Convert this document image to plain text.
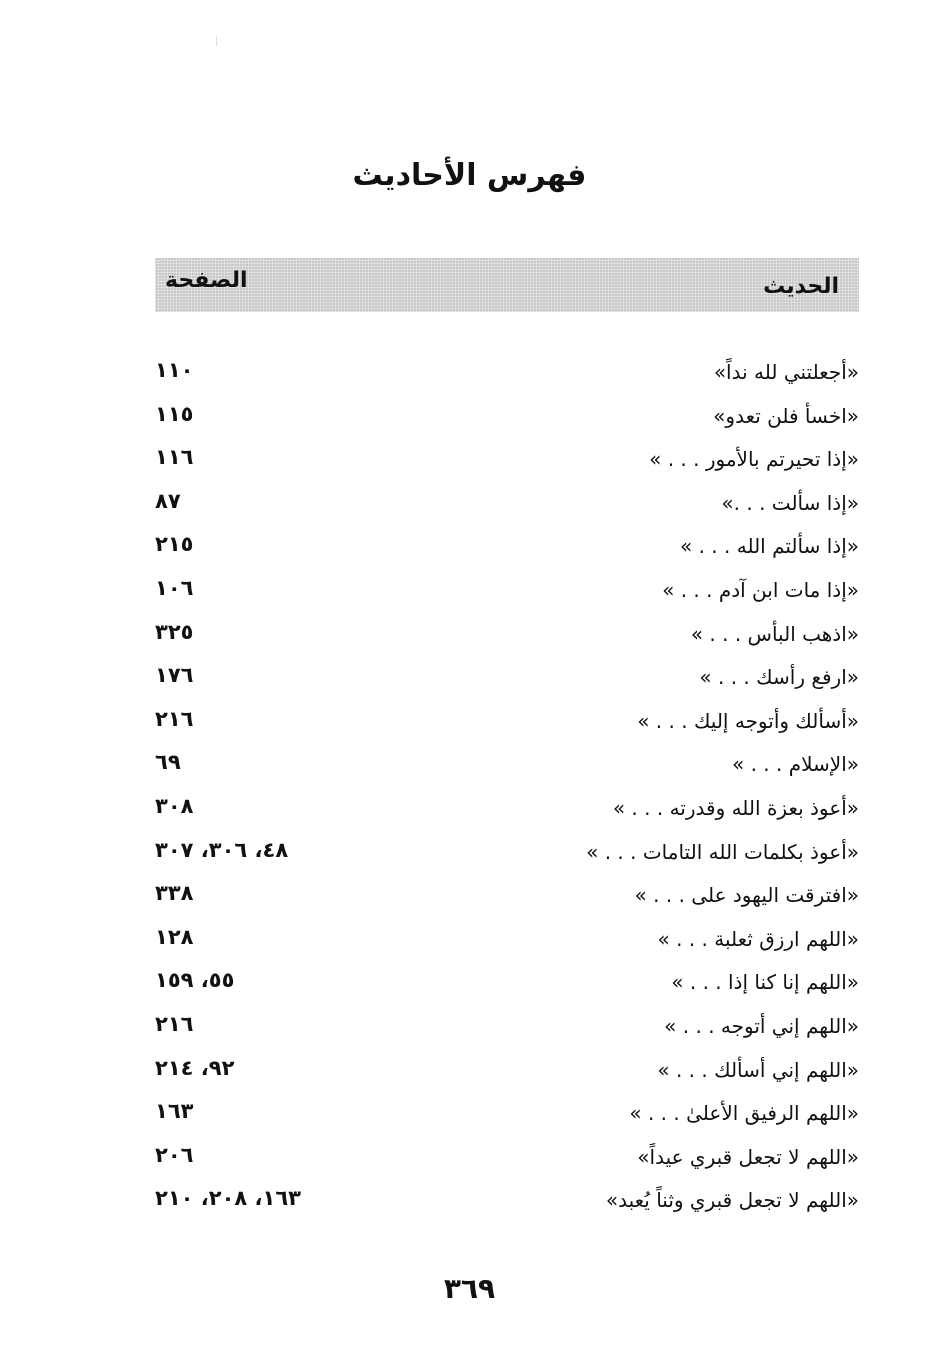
فهرس الأحاديث
الحديث
الصفحة
«أجعلتني لله نداً»
١١٠
«اخسأ فلن تعدو»
١١٥
«إذا تحيرتم بالأمور . . . »
١١٦
«إذا سألت . . .»
٨٧
«إذا سألتم الله . . . »
٢١٥
«إذا مات ابن آدم . . . »
١٠٦
«اذهب البأس . . . »
٣٢٥
«ارفع رأسك . . . »
١٧٦
«أسألك وأتوجه إليك . . . »
٢١٦
«الإسلام . . . »
٦٩
«أعوذ بعزة الله وقدرته . . . »
٣٠٨
«أعوذ بكلمات الله التامات . . . »
٤٨، ٣٠٦، ٣٠٧
«افترقت اليهود على . . . »
٣٣٨
«اللهم ارزق ثعلبة . . . »
١٢٨
«اللهم إنا كنا إذا . . . »
٥٥، ١٥٩
«اللهم إني أتوجه . . . »
٢١٦
«اللهم إني أسألك . . . »
٩٢، ٢١٤
«اللهم الرفيق الأعلىٰ . . . »
١٦٣
«اللهم لا تجعل قبري عيداً»
٢٠٦
«اللهم لا تجعل قبري وثناً يُعبد»
١٦٣، ٢٠٨، ٢١٠
٣٦٩
